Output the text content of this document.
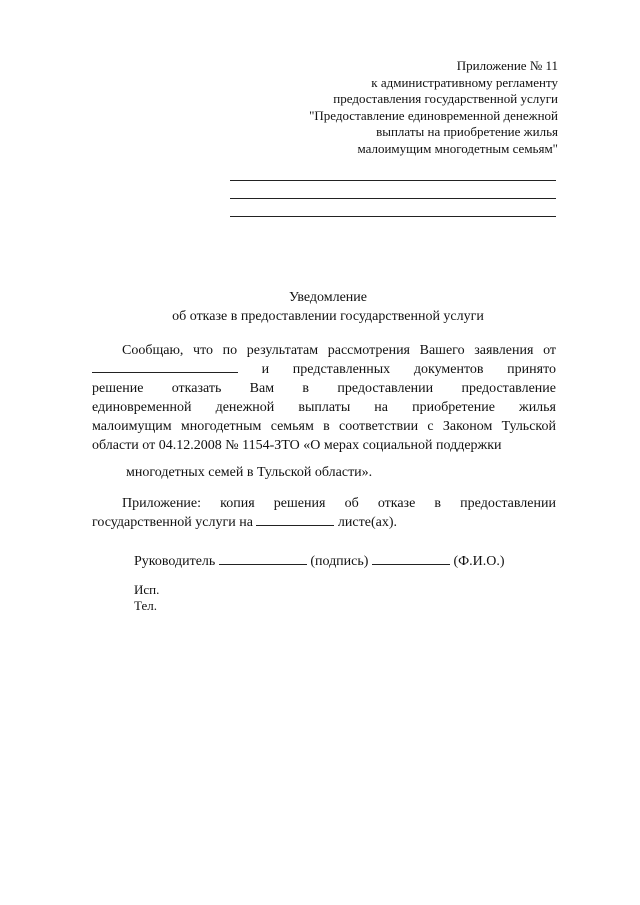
Приложение № 11
к административному регламенту
предоставления государственной услуги
"Предоставление единовременной денежной
выплаты на приобретение жилья
малоимущим многодетным семьям"
Уведомление
об отказе в предоставлении государственной услуги
Сообщаю, что по результатам рассмотрения Вашего заявления от
и представленных документов принято
решение отказать Вам в предоставлении предоставление
единовременной денежной выплаты на приобретение жилья
малоимущим многодетным семьям в соответствии с Законом Тульской
области от 04.12.2008 № 1154-ЗТО «О мерах социальной поддержки
многодетных семей в Тульской области».
Приложение: копия решения об отказе в предоставлении
государственной услуги на	листе(ах).
Руководитель	(подпись)	(Ф.И.О.)
Исп.
Тел.
